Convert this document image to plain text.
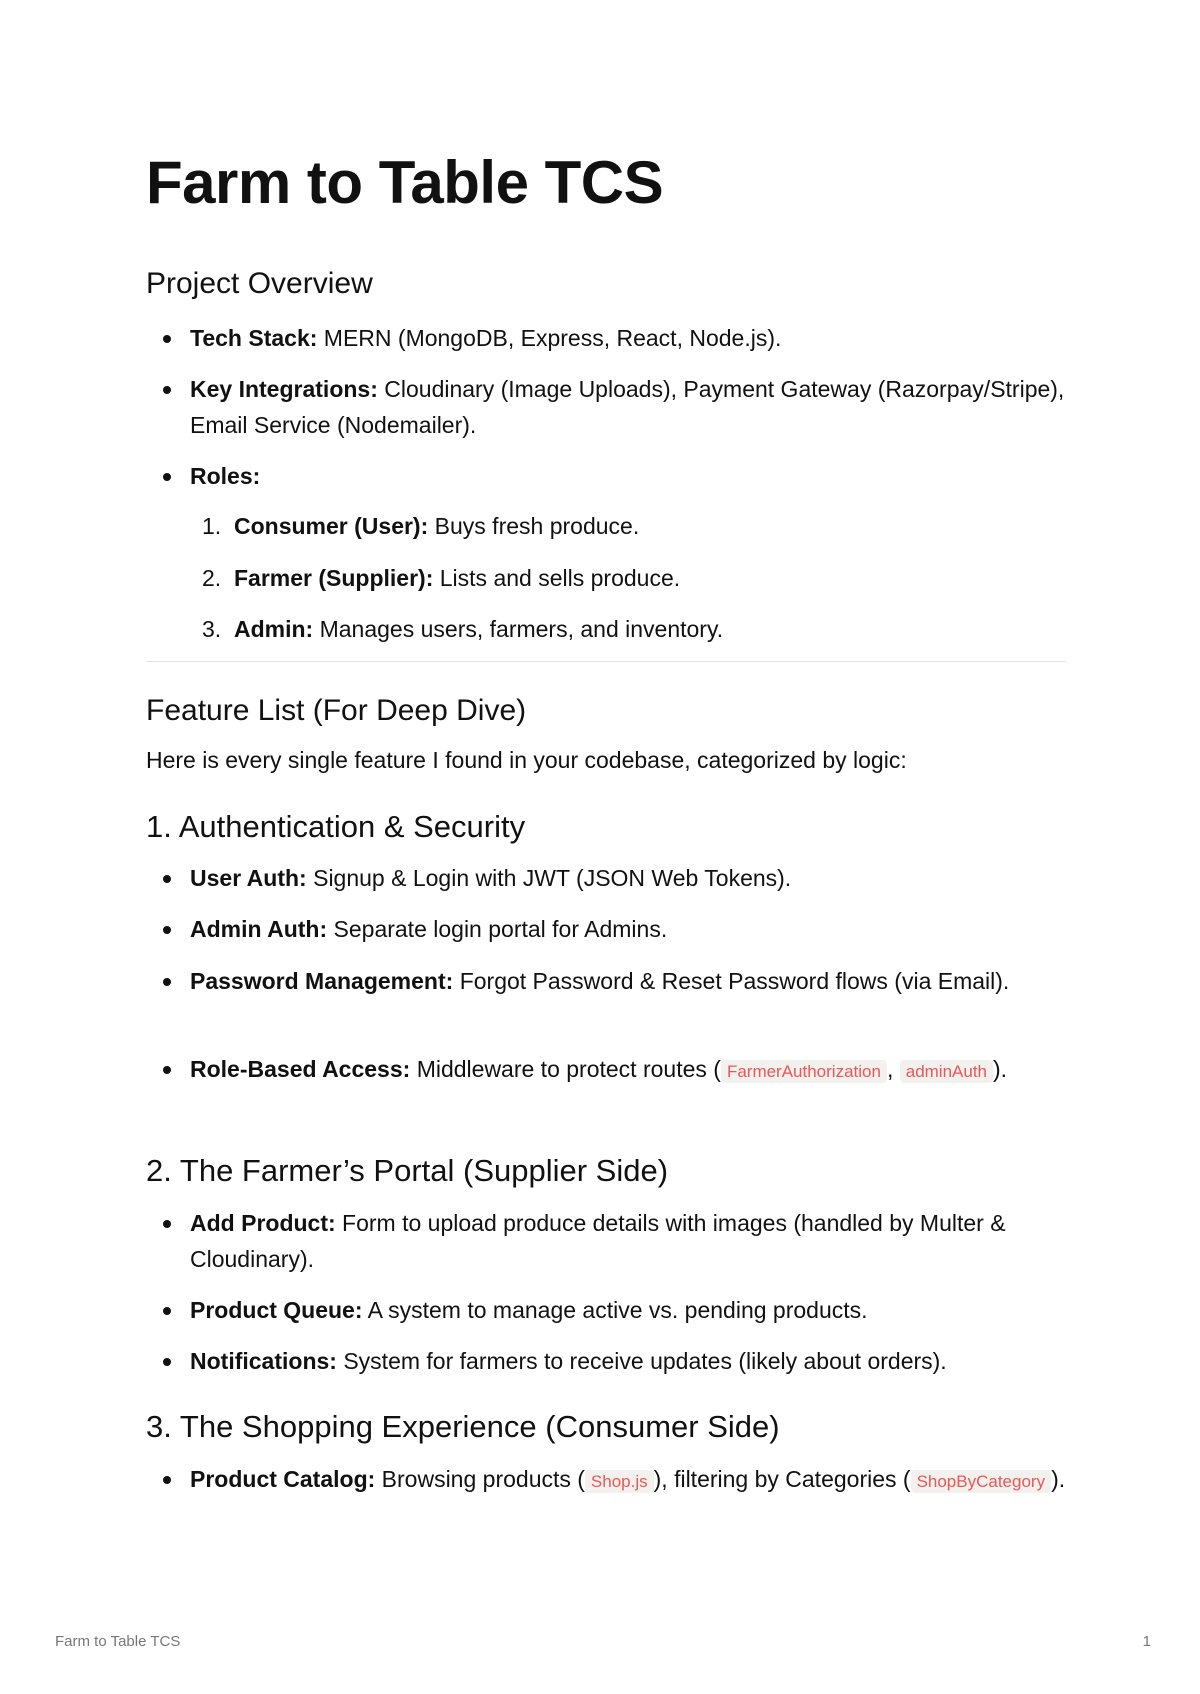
Farm to Table TCS
Project Overview
Tech Stack: MERN (MongoDB, Express, React, Node.js).
Key Integrations: Cloudinary (Image Uploads), Payment Gateway (Razorpay/Stripe), Email Service (Nodemailer).
Roles:
1. Consumer (User): Buys fresh produce.
2. Farmer (Supplier): Lists and sells produce.
3. Admin: Manages users, farmers, and inventory.
Feature List (For Deep Dive)
Here is every single feature I found in your codebase, categorized by logic:
1. Authentication & Security
User Auth: Signup & Login with JWT (JSON Web Tokens).
Admin Auth: Separate login portal for Admins.
Password Management: Forgot Password & Reset Password flows (via Email).
Role-Based Access: Middleware to protect routes ( FarmerAuthorization , adminAuth ).
2. The Farmer’s Portal (Supplier Side)
Add Product: Form to upload produce details with images (handled by Multer & Cloudinary).
Product Queue: A system to manage active vs. pending products.
Notifications: System for farmers to receive updates (likely about orders).
3. The Shopping Experience (Consumer Side)
Product Catalog: Browsing products ( Shop.js ), filtering by Categories ( ShopByCategory ).
Farm to Table TCS	1
